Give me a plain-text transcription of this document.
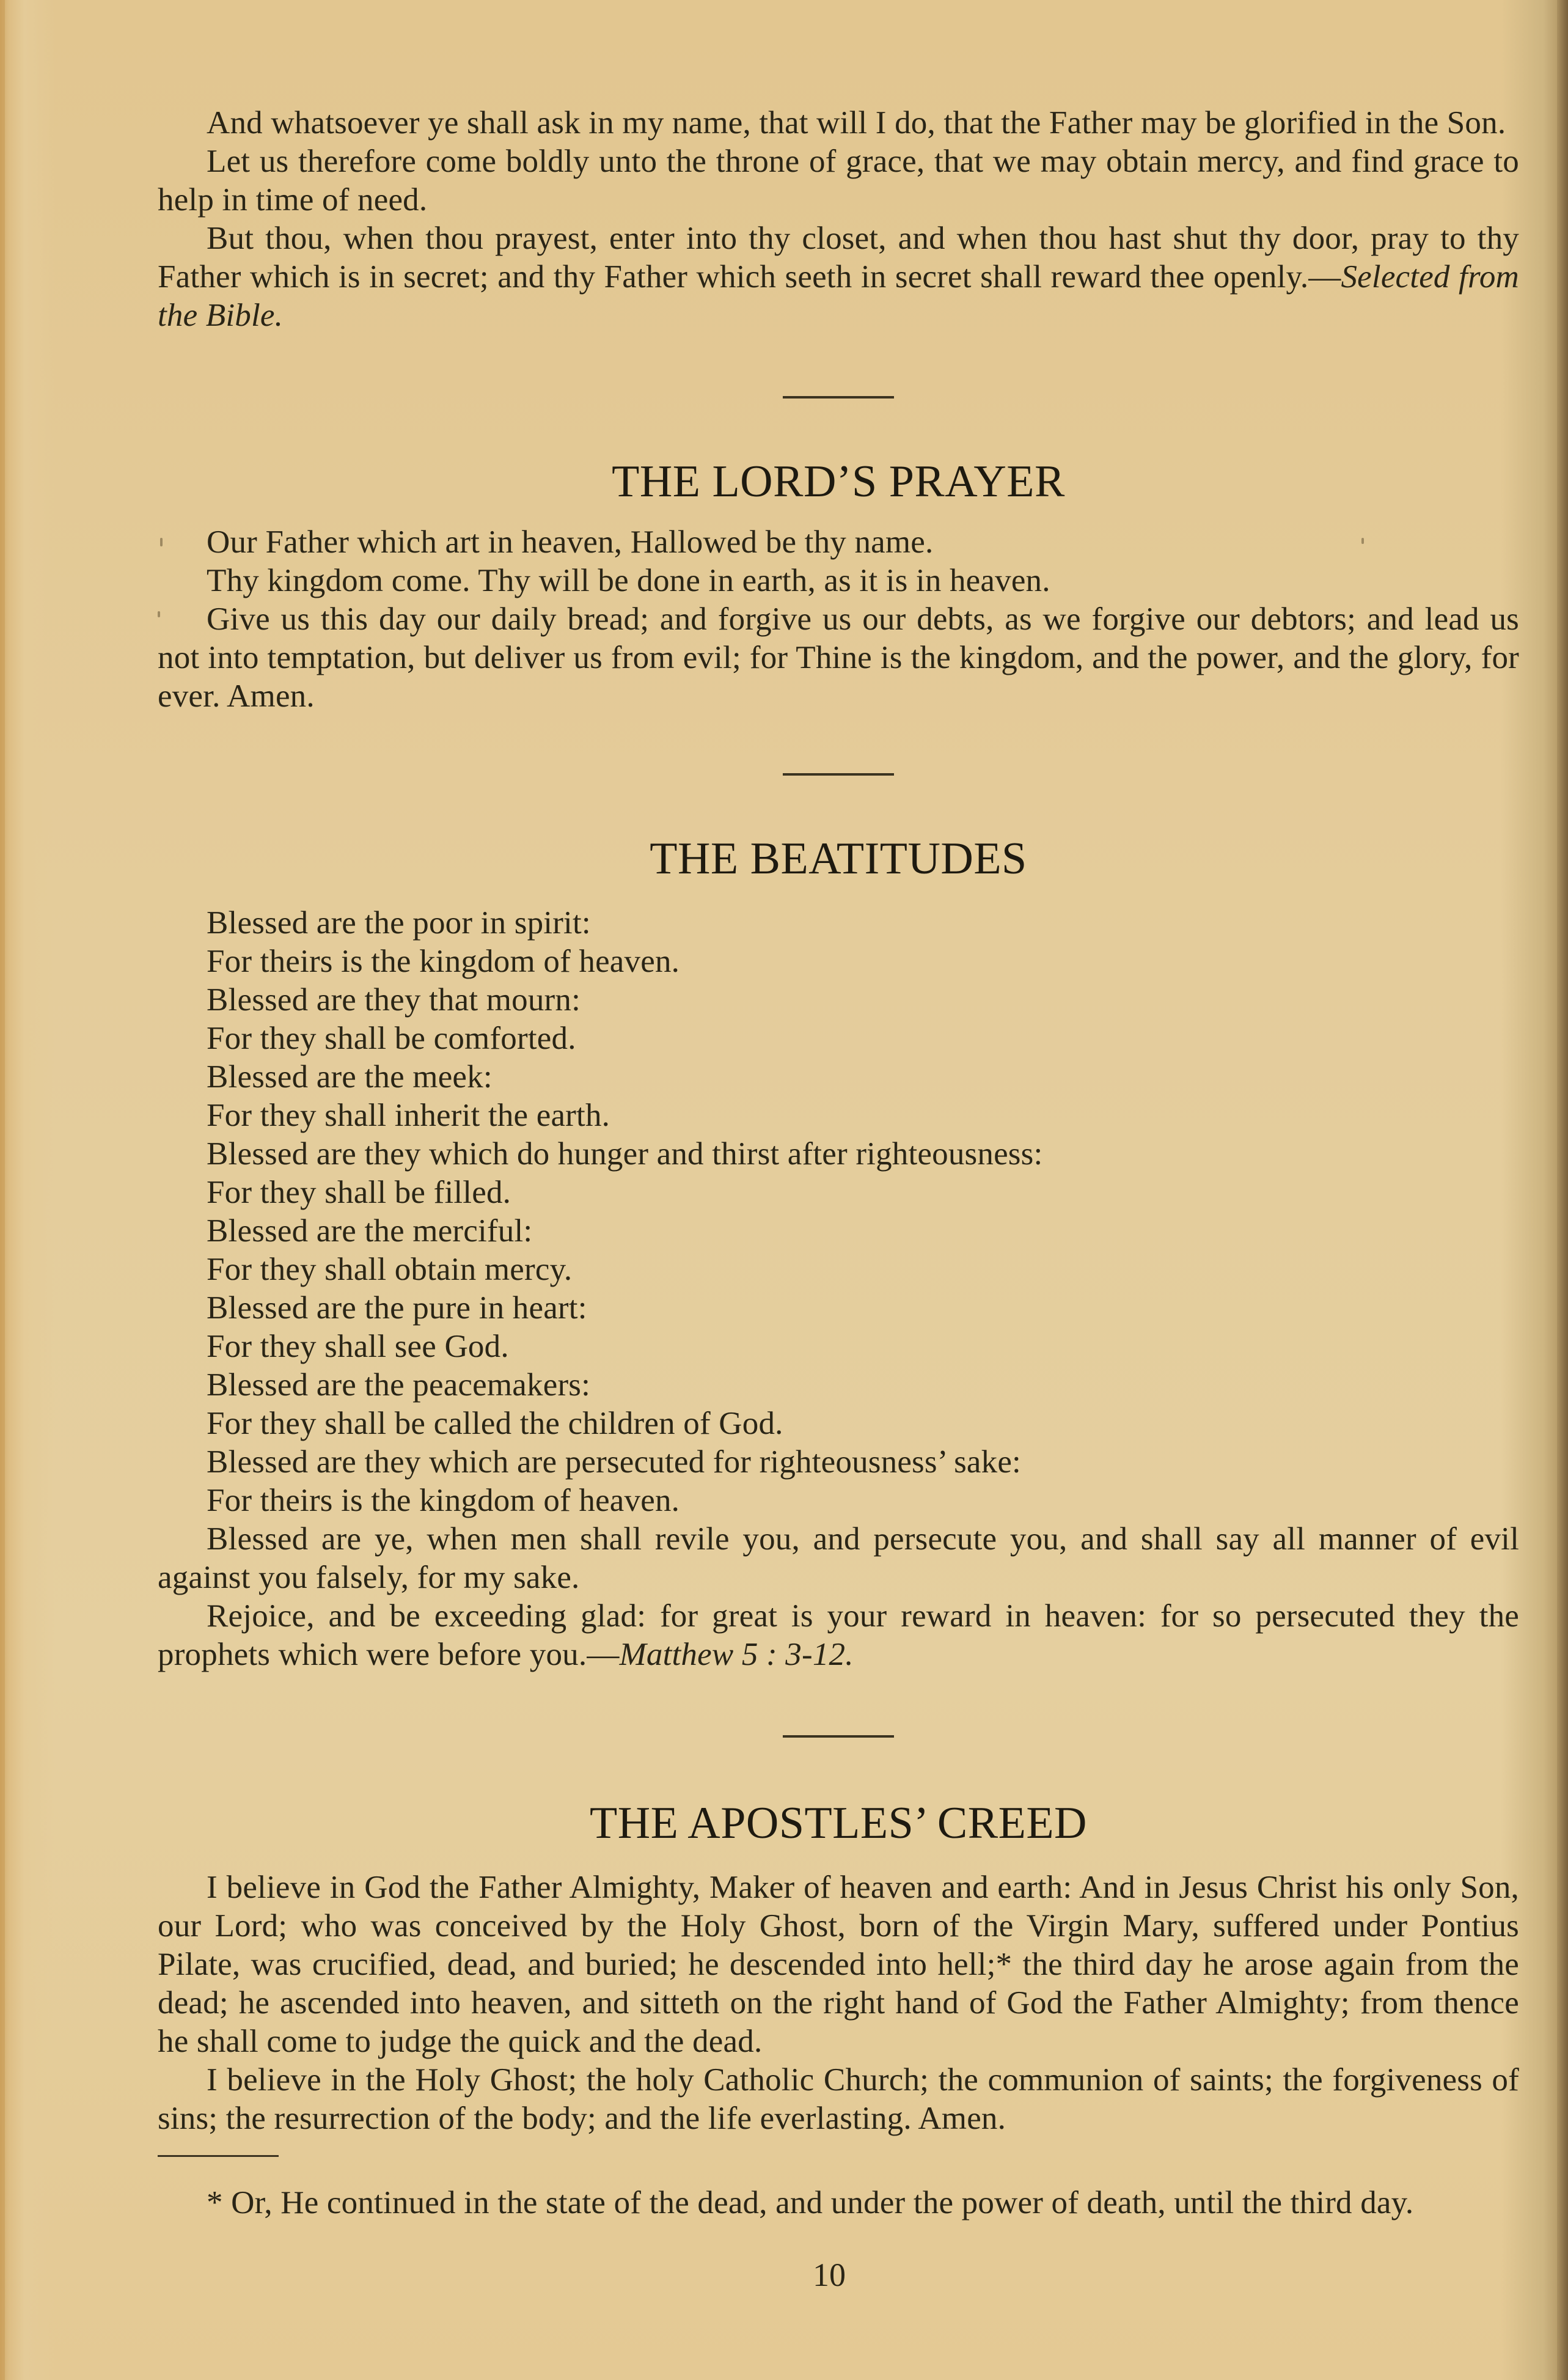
And whatsoever ye shall ask in my name, that will I do, that the Father may be glorified in the Son.

Let us therefore come boldly unto the throne of grace, that we may obtain mercy, and find grace to help in time of need.

But thou, when thou prayest, enter into thy closet, and when thou hast shut thy door, pray to thy Father which is in secret; and thy Father which seeth in secret shall reward thee openly.—Selected from the Bible.

THE LORD’S PRAYER

Our Father which art in heaven, Hallowed be thy name.

Thy kingdom come. Thy will be done in earth, as it is in heaven.

Give us this day our daily bread; and forgive us our debts, as we forgive our debtors; and lead us not into temptation, but deliver us from evil; for Thine is the kingdom, and the power, and the glory, for ever. Amen.

THE BEATITUDES
Blessed are the poor in spirit:
For theirs is the kingdom of heaven.
Blessed are they that mourn:
For they shall be comforted.
Blessed are the meek:
For they shall inherit the earth.
Blessed are they which do hunger and thirst after righteousness:
For they shall be filled.
Blessed are the merciful:
For they shall obtain mercy.
Blessed are the pure in heart:
For they shall see God.
Blessed are the peacemakers:
For they shall be called the children of God.
Blessed are they which are persecuted for righteousness’ sake:
For theirs is the kingdom of heaven.

Blessed are ye, when men shall revile you, and persecute you, and shall say all manner of evil against you falsely, for my sake.

Rejoice, and be exceeding glad: for great is your reward in heaven: for so persecuted they the prophets which were before you.—Matthew 5 : 3-12.

THE APOSTLES’ CREED

I believe in God the Father Almighty, Maker of heaven and earth: And in Jesus Christ his only Son, our Lord; who was conceived by the Holy Ghost, born of the Virgin Mary, suffered under Pontius Pilate, was crucified, dead, and buried; he descended into hell;* the third day he arose again from the dead; he ascended into heaven, and sitteth on the right hand of God the Father Almighty; from thence he shall come to judge the quick and the dead.

I believe in the Holy Ghost; the holy Catholic Church; the communion of saints; the forgiveness of sins; the resurrection of the body; and the life everlasting. Amen.

* Or, He continued in the state of the dead, and under the power of death, until the third day.

10
